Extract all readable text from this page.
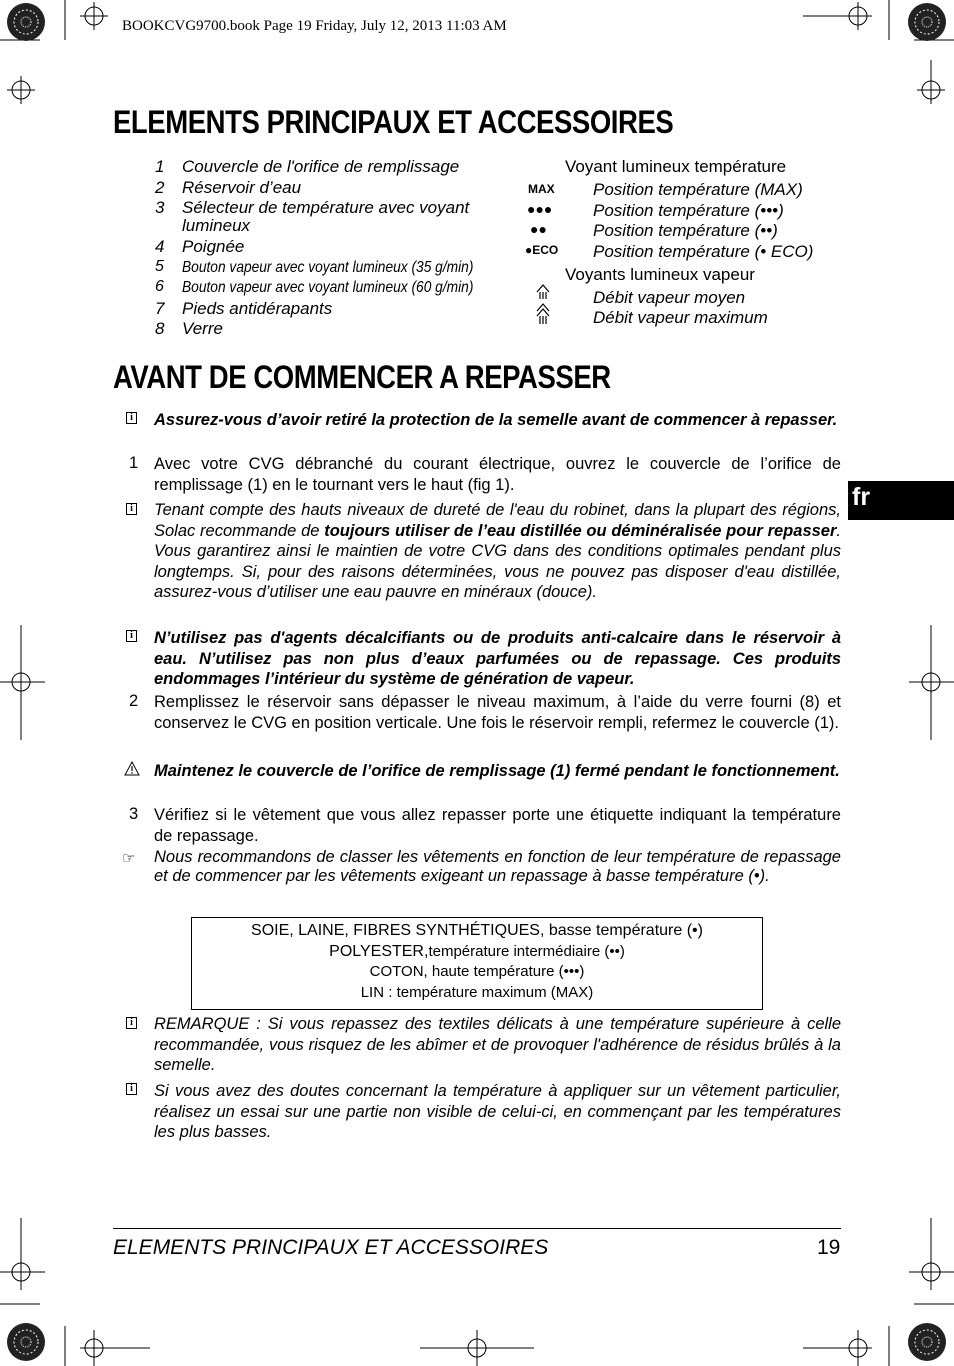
BOOKCVG9700.book Page 19 Friday, July 12, 2013 11:03 AM
ELEMENTS PRINCIPAUX ET ACCESSOIRES
1 Couvercle de l'orifice de remplissage
2 Réservoir d’eau
3 Sélecteur de température avec voyant
lumineux
4 Poignée
5 Bouton vapeur avec voyant lumineux (35 g/min)
6 Bouton vapeur avec voyant lumineux (60 g/min)
7 Pieds antidérapants
8 Verre
Voyant lumineux température
MAX Position température (MAX)
●●● Position température (•••)
●●	Position température (••)
●ECO Position température (• ECO)
Voyants lumineux vapeur
Débit vapeur moyen
Débit vapeur maximum
AVANT DE COMMENCER A REPASSER
i Assurez-vous d’avoir retiré la protection de la semelle avant de commencer à repasser.
1 Avec votre CVG débranché du courant électrique, ouvrez le couvercle de l’orifice de remplissage (1) en le tournant vers le haut (fig 1).
i Tenant compte des hauts niveaux de dureté de l'eau du robinet, dans la plupart des régions, Solac recommande de toujours utiliser de l’eau distillée ou déminéralisée pour repasser. Vous garantirez ainsi le maintien de votre CVG dans des conditions optimales pendant plus longtemps. Si, pour des raisons déterminées, vous ne pouvez pas disposer d'eau distillée, assurez-vous d’utiliser une eau pauvre en minéraux (douce).
i N’utilisez pas d'agents décalcifiants ou de produits anti-calcaire dans le réservoir à eau. N’utilisez pas non plus d’eaux parfumées ou de repassage. Ces produits endommages l’intérieur du système de génération de vapeur.
2 Remplissez le réservoir sans dépasser le niveau maximum, à l’aide du verre fourni (8) et conservez le CVG en position verticale. Une fois le réservoir rempli, refermez le couvercle (1).
Maintenez le couvercle de l’orifice de remplissage (1) fermé pendant le fonctionnement.
3 Vérifiez si le vêtement que vous allez repasser porte une étiquette indiquant la température de repassage.
☞ Nous recommandons de classer les vêtements en fonction de leur température de repassage et de commencer par les vêtements exigeant un repassage à basse température (•).
SOIE, LAINE, FIBRES SYNTHÉTIQUES, basse température (•)
POLYESTER,température intermédiaire (••)
COTON, haute température (•••)
LIN : température maximum (MAX)
i REMARQUE : Si vous repassez des textiles délicats à une température supérieure à celle recommandée, vous risquez de les abîmer et de provoquer l'adhérence de résidus brûlés à la semelle.
i Si vous avez des doutes concernant la température à appliquer sur un vêtement particulier, réalisez un essai sur une partie non visible de celui-ci, en commençant par les températures les plus basses.
fr
ELEMENTS PRINCIPAUX ET ACCESSOIRES	19
